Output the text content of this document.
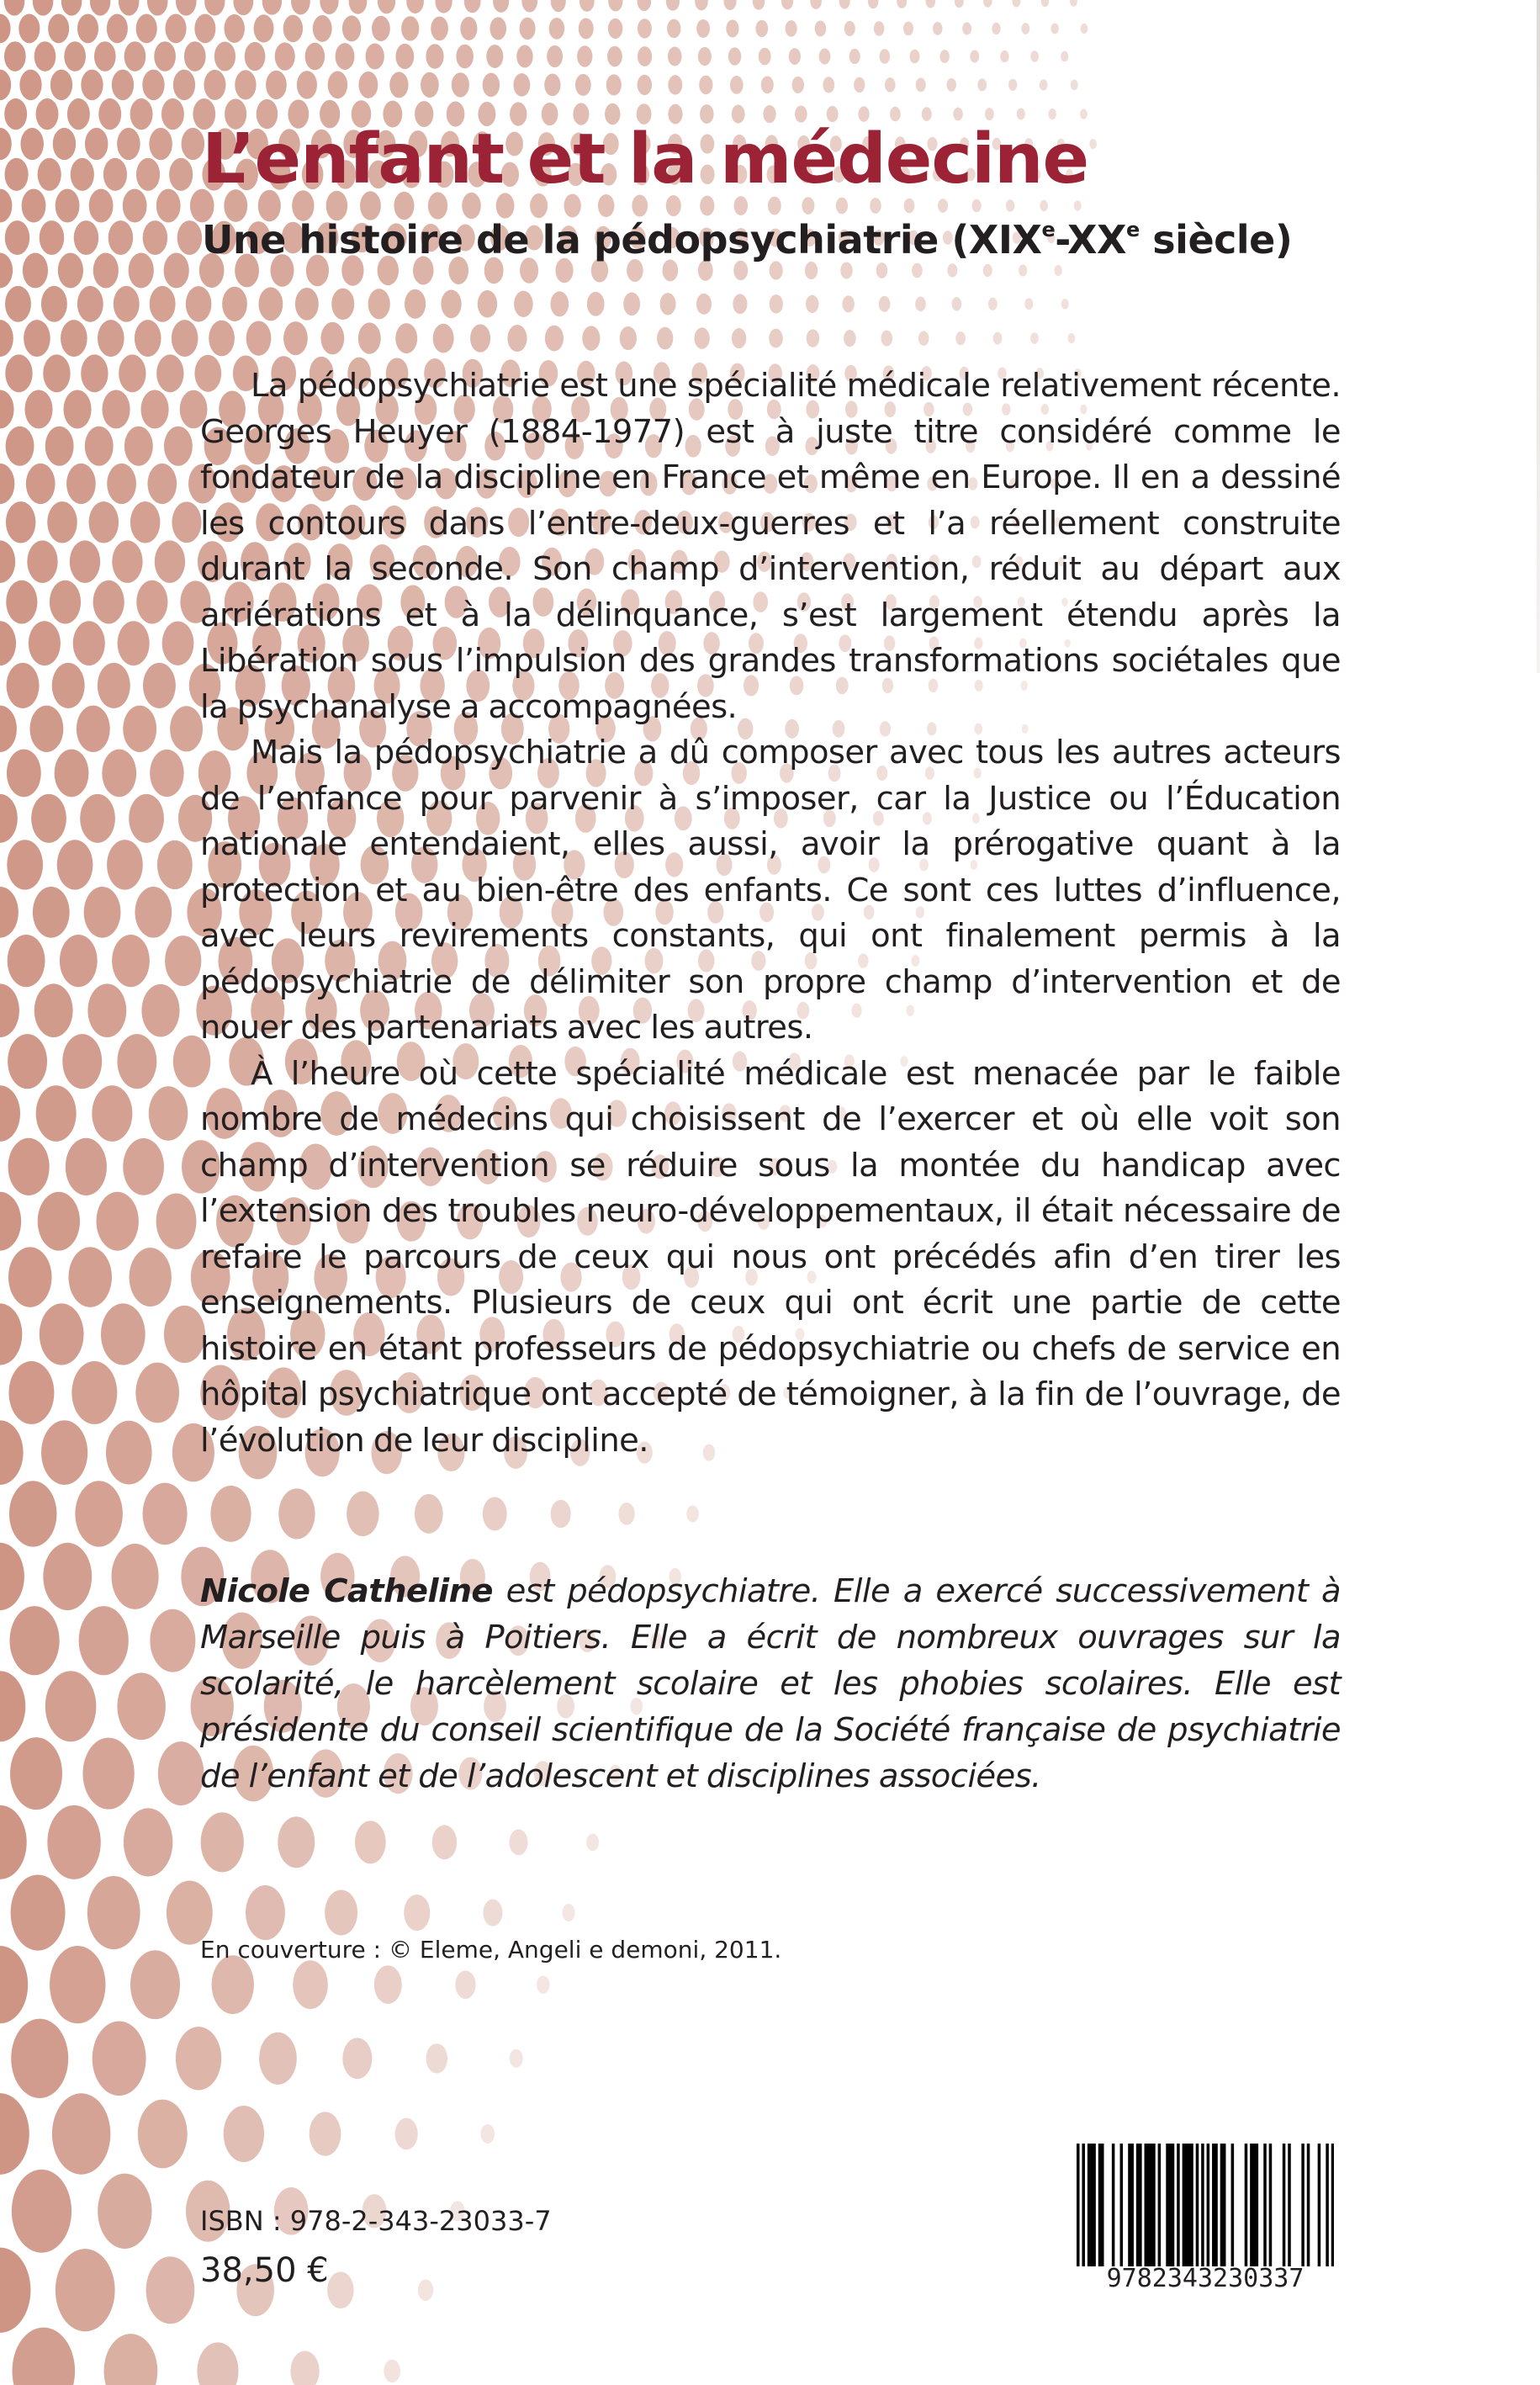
L’enfant et la médecine
Une histoire de la pédopsychiatrie (XIXe-XXe siècle)

La pédopsychiatrie est une spécialité médicale relativement récente. Georges Heuyer (1884-1977) est à juste titre considéré comme le fondateur de la discipline en France et même en Europe. Il en a dessiné les contours dans l’entre-deux-guerres et l’a réellement construite durant la seconde. Son champ d’intervention, réduit au départ aux arriérations et à la délinquance, s’est largement étendu après la Libération sous l’impulsion des grandes transformations sociétales que la psychanalyse a accompagnées.

Mais la pédopsychiatrie a dû composer avec tous les autres acteurs de l’enfance pour parvenir à s’imposer, car la Justice ou l’Éducation nationale entendaient, elles aussi, avoir la prérogative quant à la protection et au bien-être des enfants. Ce sont ces luttes d’influence, avec leurs revirements constants, qui ont finalement permis à la pédopsychiatrie de délimiter son propre champ d’intervention et de nouer des partenariats avec les autres.

À l’heure où cette spécialité médicale est menacée par le faible nombre de médecins qui choisissent de l’exercer et où elle voit son champ d’intervention se réduire sous la montée du handicap avec l’extension des troubles neuro-développementaux, il était nécessaire de refaire le parcours de ceux qui nous ont précédés afin d’en tirer les enseignements. Plusieurs de ceux qui ont écrit une partie de cette histoire en étant professeurs de pédopsychiatrie ou chefs de service en hôpital psychiatrique ont accepté de témoigner, à la fin de l’ouvrage, de l’évolution de leur discipline.

Nicole Catheline est pédopsychiatre. Elle a exercé successivement à Marseille puis à Poitiers. Elle a écrit de nombreux ouvrages sur la scolarité, le harcèlement scolaire et les phobies scolaires. Elle est présidente du conseil scientifique de la Société française de psychiatrie de l’enfant et de l’adolescent et disciplines associées.

En couverture : © Eleme, Angeli e demoni, 2011.

ISBN : 978-2-343-23033-7

38,50 €	9782343230337
